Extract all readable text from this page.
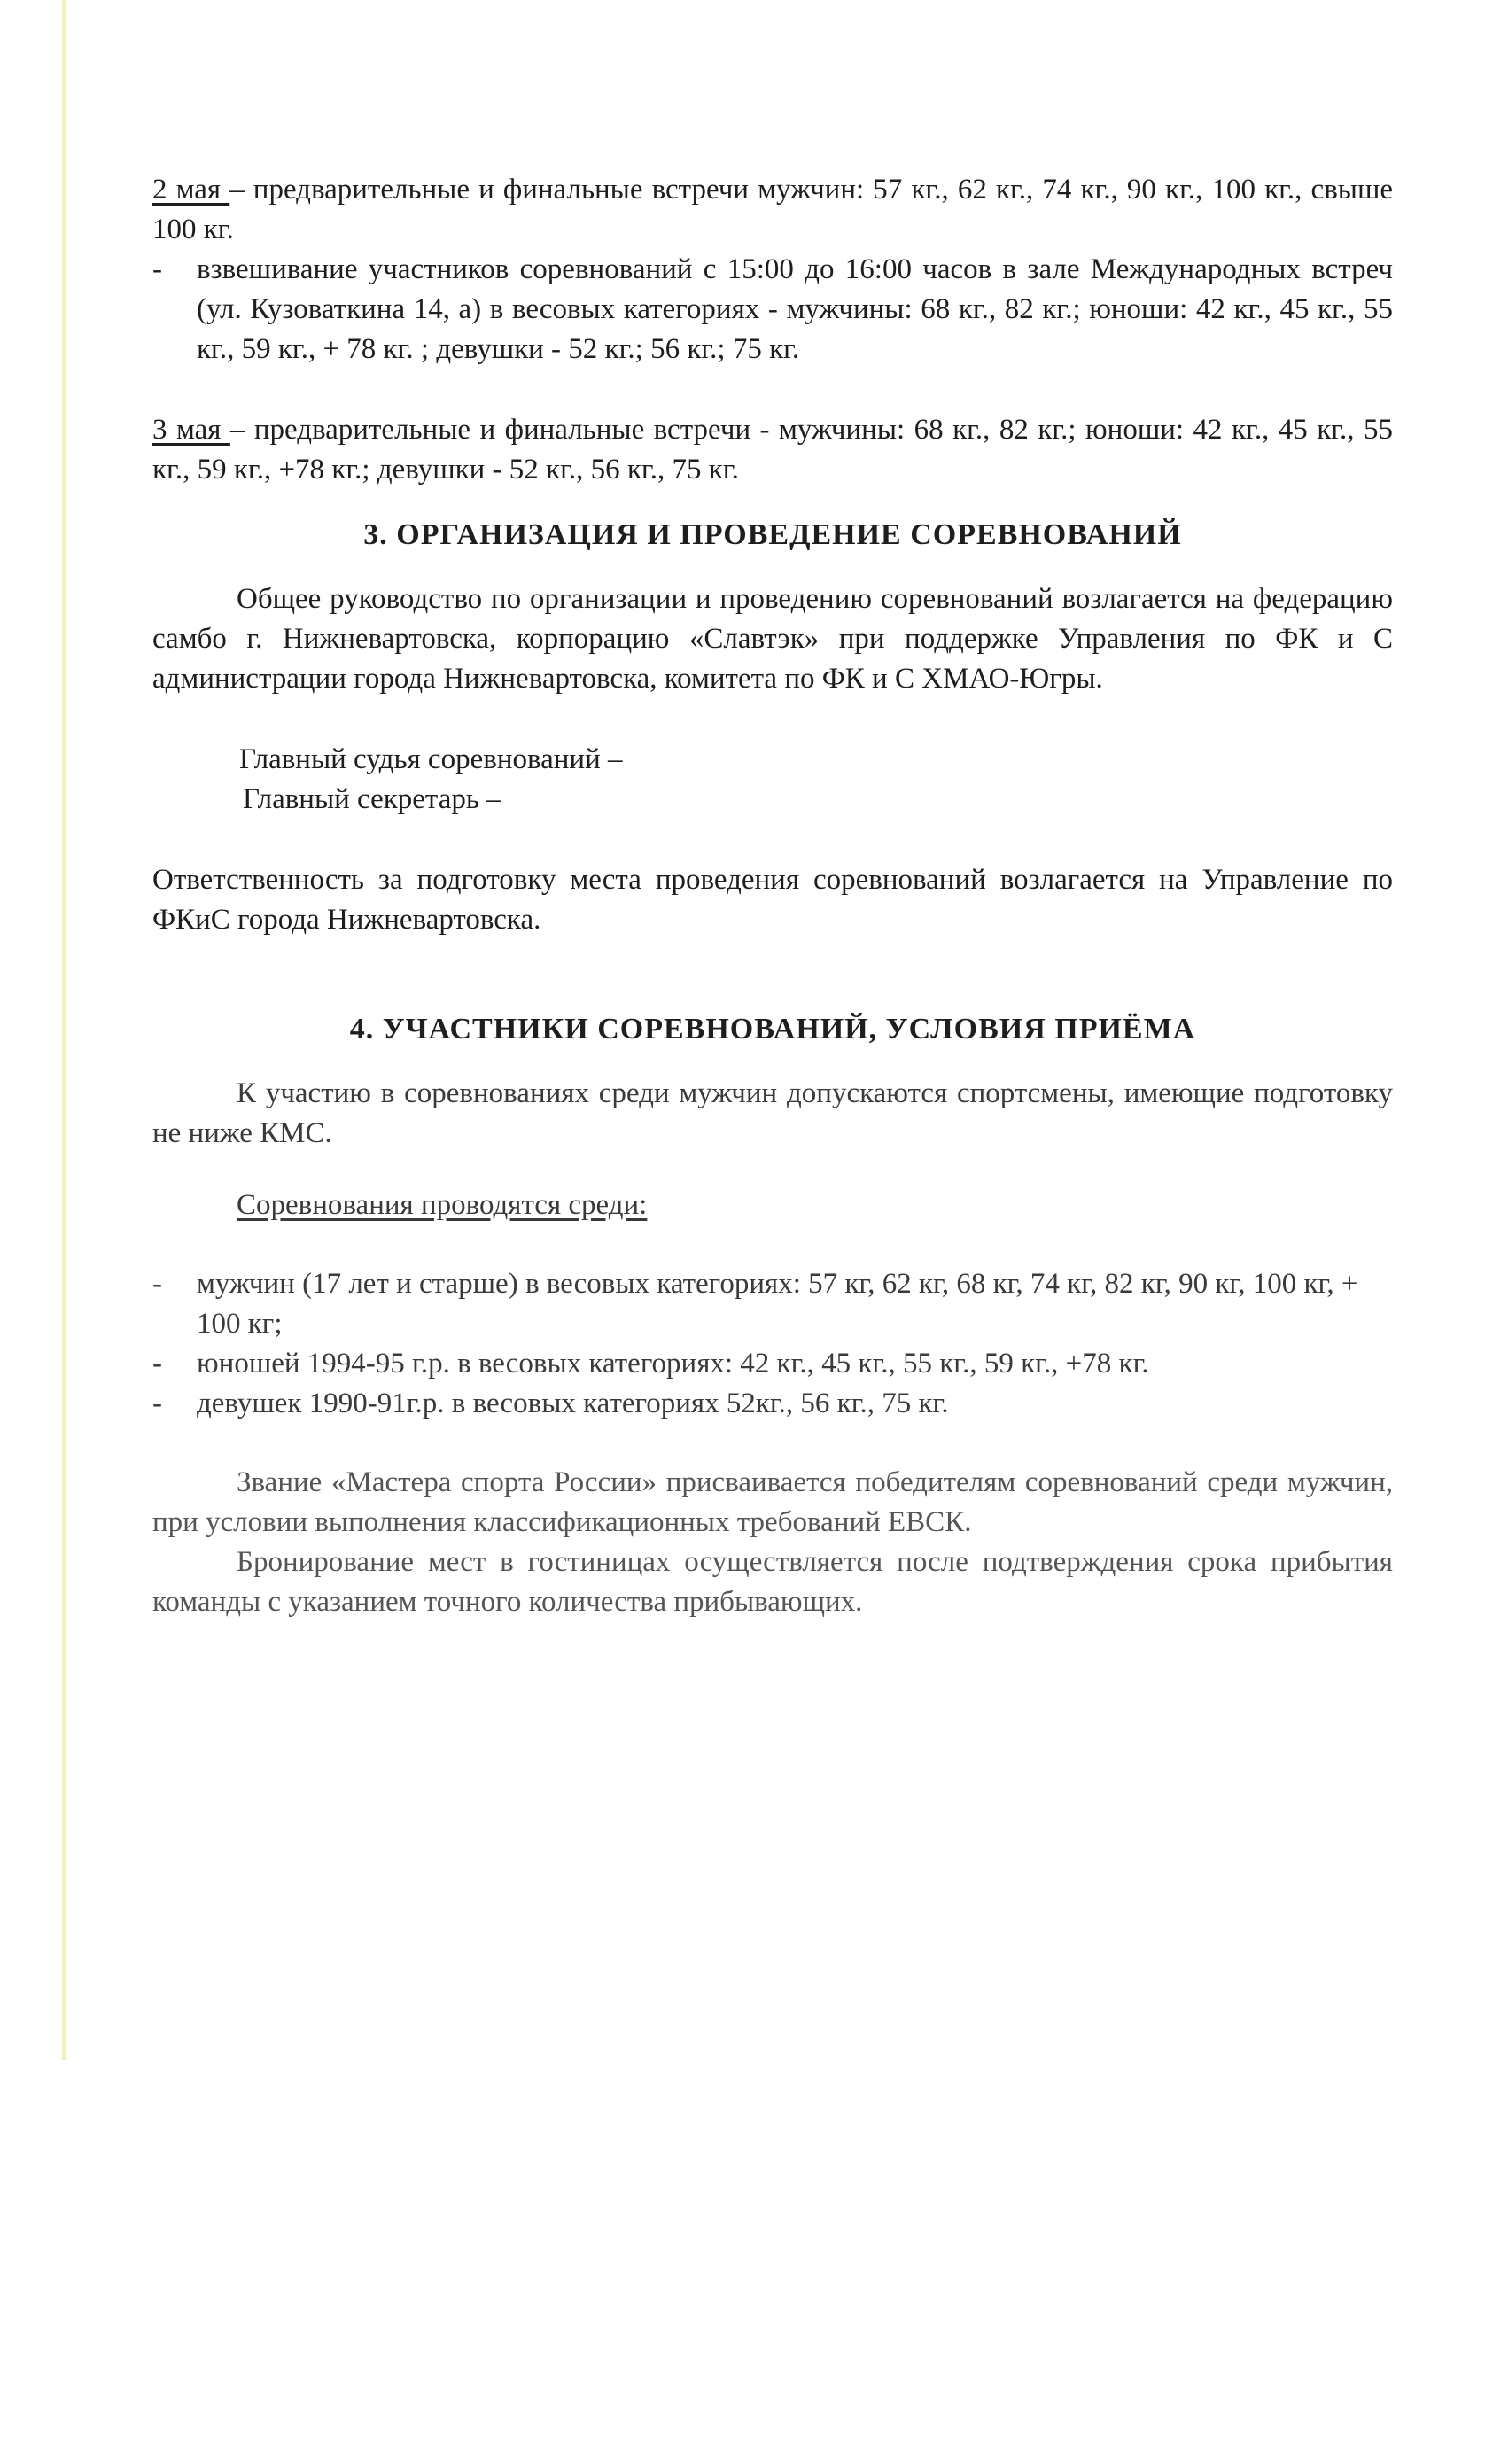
2 мая – предварительные и финальные встречи мужчин: 57 кг., 62 кг., 74 кг., 90 кг., 100 кг., свыше 100 кг.

-	взвешивание участников соревнований с 15:00 до 16:00 часов в зале Международных встреч (ул. Кузоваткина 14, а) в весовых категориях - мужчины: 68 кг., 82 кг.; юноши: 42 кг., 45 кг., 55 кг., 59 кг., + 78 кг. ; девушки - 52 кг.; 56 кг.; 75 кг.

3 мая – предварительные и финальные встречи - мужчины: 68 кг., 82 кг.; юноши: 42 кг., 45 кг., 55 кг., 59 кг., +78 кг.; девушки - 52 кг., 56 кг., 75 кг.

3. ОРГАНИЗАЦИЯ И ПРОВЕДЕНИЕ СОРЕВНОВАНИЙ

Общее руководство по организации и проведению соревнований возлагается на федерацию самбо г. Нижневартовска, корпорацию «Славтэк» при поддержке Управления по ФК и С администрации города Нижневартовска, комитета по ФК и С ХМАО-Югры.

Главный судья соревнований –
Главный секретарь –

Ответственность за подготовку места проведения соревнований возлагается на Управление по ФКиС города Нижневартовска.

4. УЧАСТНИКИ СОРЕВНОВАНИЙ, УСЛОВИЯ ПРИЁМА

К участию в соревнованиях среди мужчин допускаются спортсмены, имеющие подготовку не ниже КМС.

Соревнования проводятся среди:

-	мужчин (17 лет и старше) в весовых категориях: 57 кг, 62 кг, 68 кг, 74 кг, 82 кг, 90 кг, 100 кг, + 100 кг;
-	юношей 1994-95 г.р. в весовых категориях: 42 кг., 45 кг., 55 кг., 59 кг., +78 кг.
-	девушек 1990-91г.р. в весовых категориях 52кг., 56 кг., 75 кг.

Звание «Мастера спорта России» присваивается победителям соревнований среди мужчин, при условии выполнения классификационных требований ЕВСК.

Бронирование мест в гостиницах осуществляется после подтверждения срока прибытия команды с указанием точного количества прибывающих.
